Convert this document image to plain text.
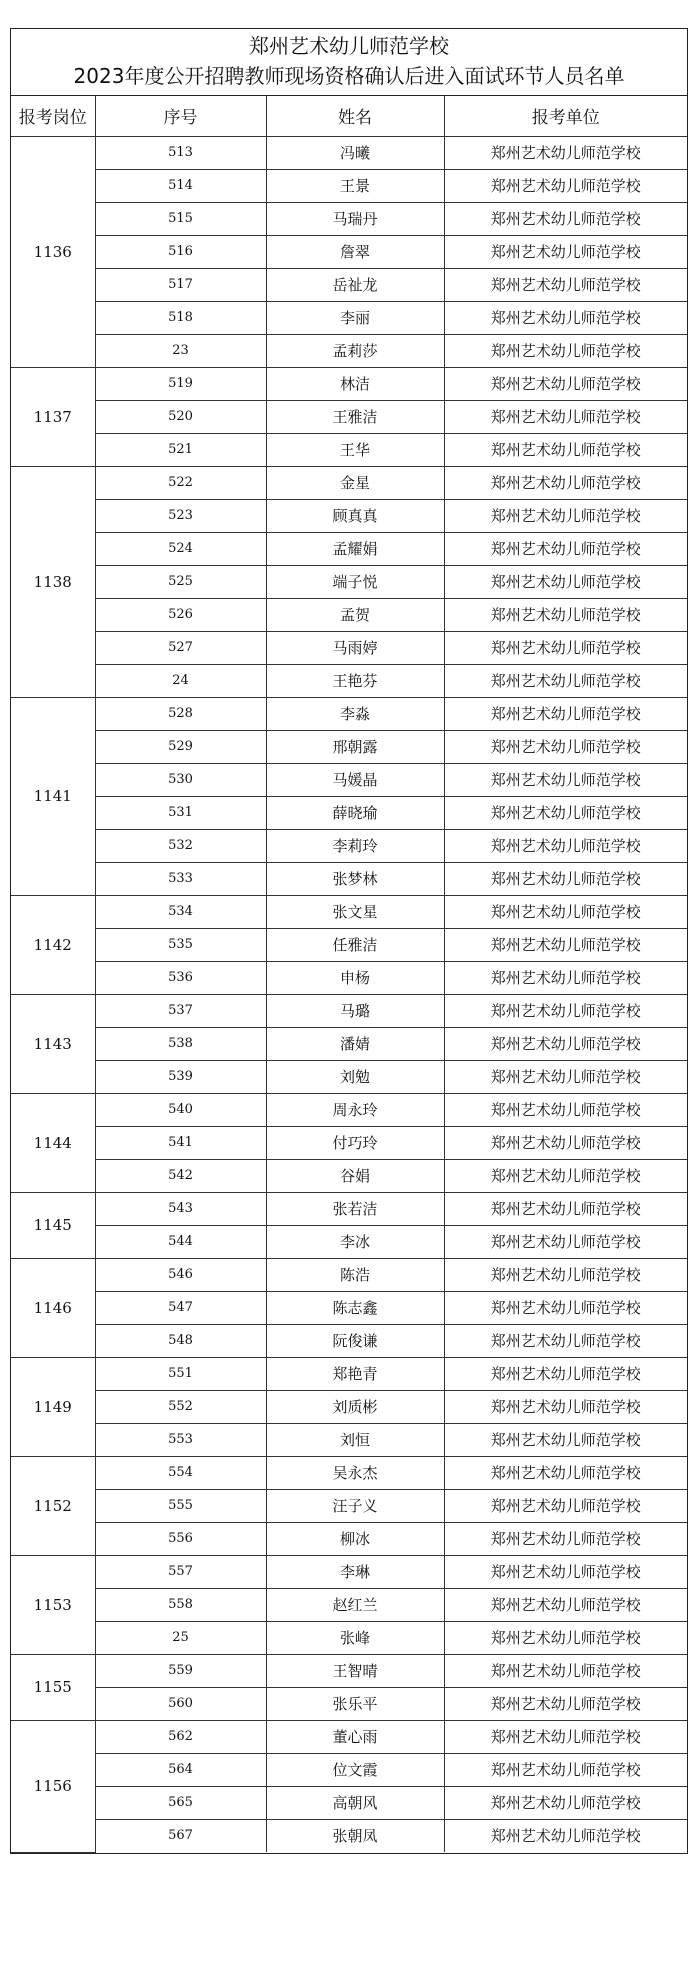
郑州艺术幼儿师范学校
2023年度公开招聘教师现场资格确认后进入面试环节人员名单
报考岗位	序号	姓名	报考单位
1136	513	冯曦	郑州艺术幼儿师范学校
	514	王景	郑州艺术幼儿师范学校
	515	马瑞丹	郑州艺术幼儿师范学校
	516	詹翠	郑州艺术幼儿师范学校
	517	岳祉龙	郑州艺术幼儿师范学校
	518	李丽	郑州艺术幼儿师范学校
	23	孟莉莎	郑州艺术幼儿师范学校
1137	519	林洁	郑州艺术幼儿师范学校
	520	王雅洁	郑州艺术幼儿师范学校
	521	王华	郑州艺术幼儿师范学校
1138	522	金星	郑州艺术幼儿师范学校
	523	顾真真	郑州艺术幼儿师范学校
	524	孟耀娟	郑州艺术幼儿师范学校
	525	端子悦	郑州艺术幼儿师范学校
	526	孟贺	郑州艺术幼儿师范学校
	527	马雨婷	郑州艺术幼儿师范学校
	24	王艳芬	郑州艺术幼儿师范学校
1141	528	李淼	郑州艺术幼儿师范学校
	529	邢朝露	郑州艺术幼儿师范学校
	530	马媛晶	郑州艺术幼儿师范学校
	531	薛晓瑜	郑州艺术幼儿师范学校
	532	李莉玲	郑州艺术幼儿师范学校
	533	张梦林	郑州艺术幼儿师范学校
1142	534	张文星	郑州艺术幼儿师范学校
	535	任雅洁	郑州艺术幼儿师范学校
	536	申杨	郑州艺术幼儿师范学校
1143	537	马璐	郑州艺术幼儿师范学校
	538	潘婧	郑州艺术幼儿师范学校
	539	刘勉	郑州艺术幼儿师范学校
1144	540	周永玲	郑州艺术幼儿师范学校
	541	付巧玲	郑州艺术幼儿师范学校
	542	谷娟	郑州艺术幼儿师范学校
1145	543	张若洁	郑州艺术幼儿师范学校
	544	李冰	郑州艺术幼儿师范学校
1146	546	陈浩	郑州艺术幼儿师范学校
	547	陈志鑫	郑州艺术幼儿师范学校
	548	阮俊谦	郑州艺术幼儿师范学校
1149	551	郑艳青	郑州艺术幼儿师范学校
	552	刘质彬	郑州艺术幼儿师范学校
	553	刘恒	郑州艺术幼儿师范学校
1152	554	吴永杰	郑州艺术幼儿师范学校
	555	汪子义	郑州艺术幼儿师范学校
	556	柳冰	郑州艺术幼儿师范学校
1153	557	李琳	郑州艺术幼儿师范学校
	558	赵红兰	郑州艺术幼儿师范学校
	25	张峰	郑州艺术幼儿师范学校
1155	559	王智晴	郑州艺术幼儿师范学校
	560	张乐平	郑州艺术幼儿师范学校
1156	562	董心雨	郑州艺术幼儿师范学校
	564	位文霞	郑州艺术幼儿师范学校
	565	高朝风	郑州艺术幼儿师范学校
	567	张朝凤	郑州艺术幼儿师范学校
